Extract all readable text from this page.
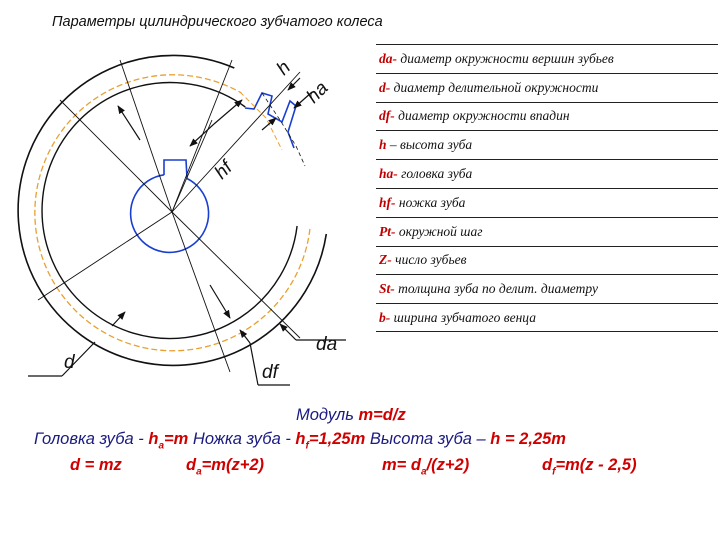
Параметры цилиндрического зубчатого колеса
d	df
da
hf
h
ha
da- диаметр окружности вершин зубьев
d- диаметр делительной окружности
df- диаметр окружности впадин
h – высота зуба
ha- головка зуба
hf- ножка зуба
Pt- окружной шаг
Z- число зубьев
St- толщина зуба по делит. диаметру
b- ширина зубчатого венца
Модуль m=d/z
Головка зуба - $h_a=m$ Ножка зуба - $h_f=1,25m$ Высота зуба – h = 2,25m
d = mz	$d_a=m(z+2)$	$m= d_a/(z+2)$	$d_f=m(z - 2,5)$
